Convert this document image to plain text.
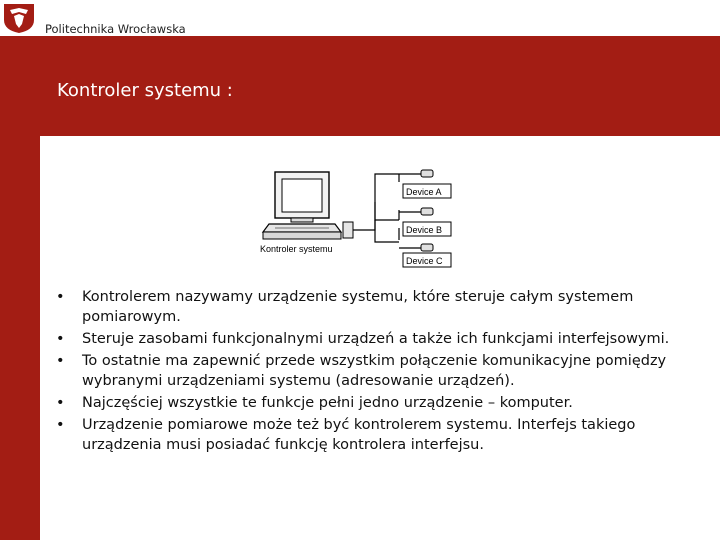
Politechnika Wrocławska
Kontroler systemu :
Device A
Device B
Device C
Kontroler systemu
• Kontrolerem nazywamy urządzenie systemu, które steruje całym systemem pomiarowym.
• Steruje zasobami funkcjonalnymi urządzeń a także ich funkcjami interfejsowymi.
• To ostatnie ma zapewnić przede wszystkim połączenie komunikacyjne pomiędzy wybranymi urządzeniami systemu (adresowanie urządzeń).
• Najczęściej wszystkie te funkcje pełni jedno urządzenie – komputer.
• Urządzenie pomiarowe może też być kontrolerem systemu. Interfejs takiego urządzenia musi posiadać funkcję kontrolera interfejsu.
